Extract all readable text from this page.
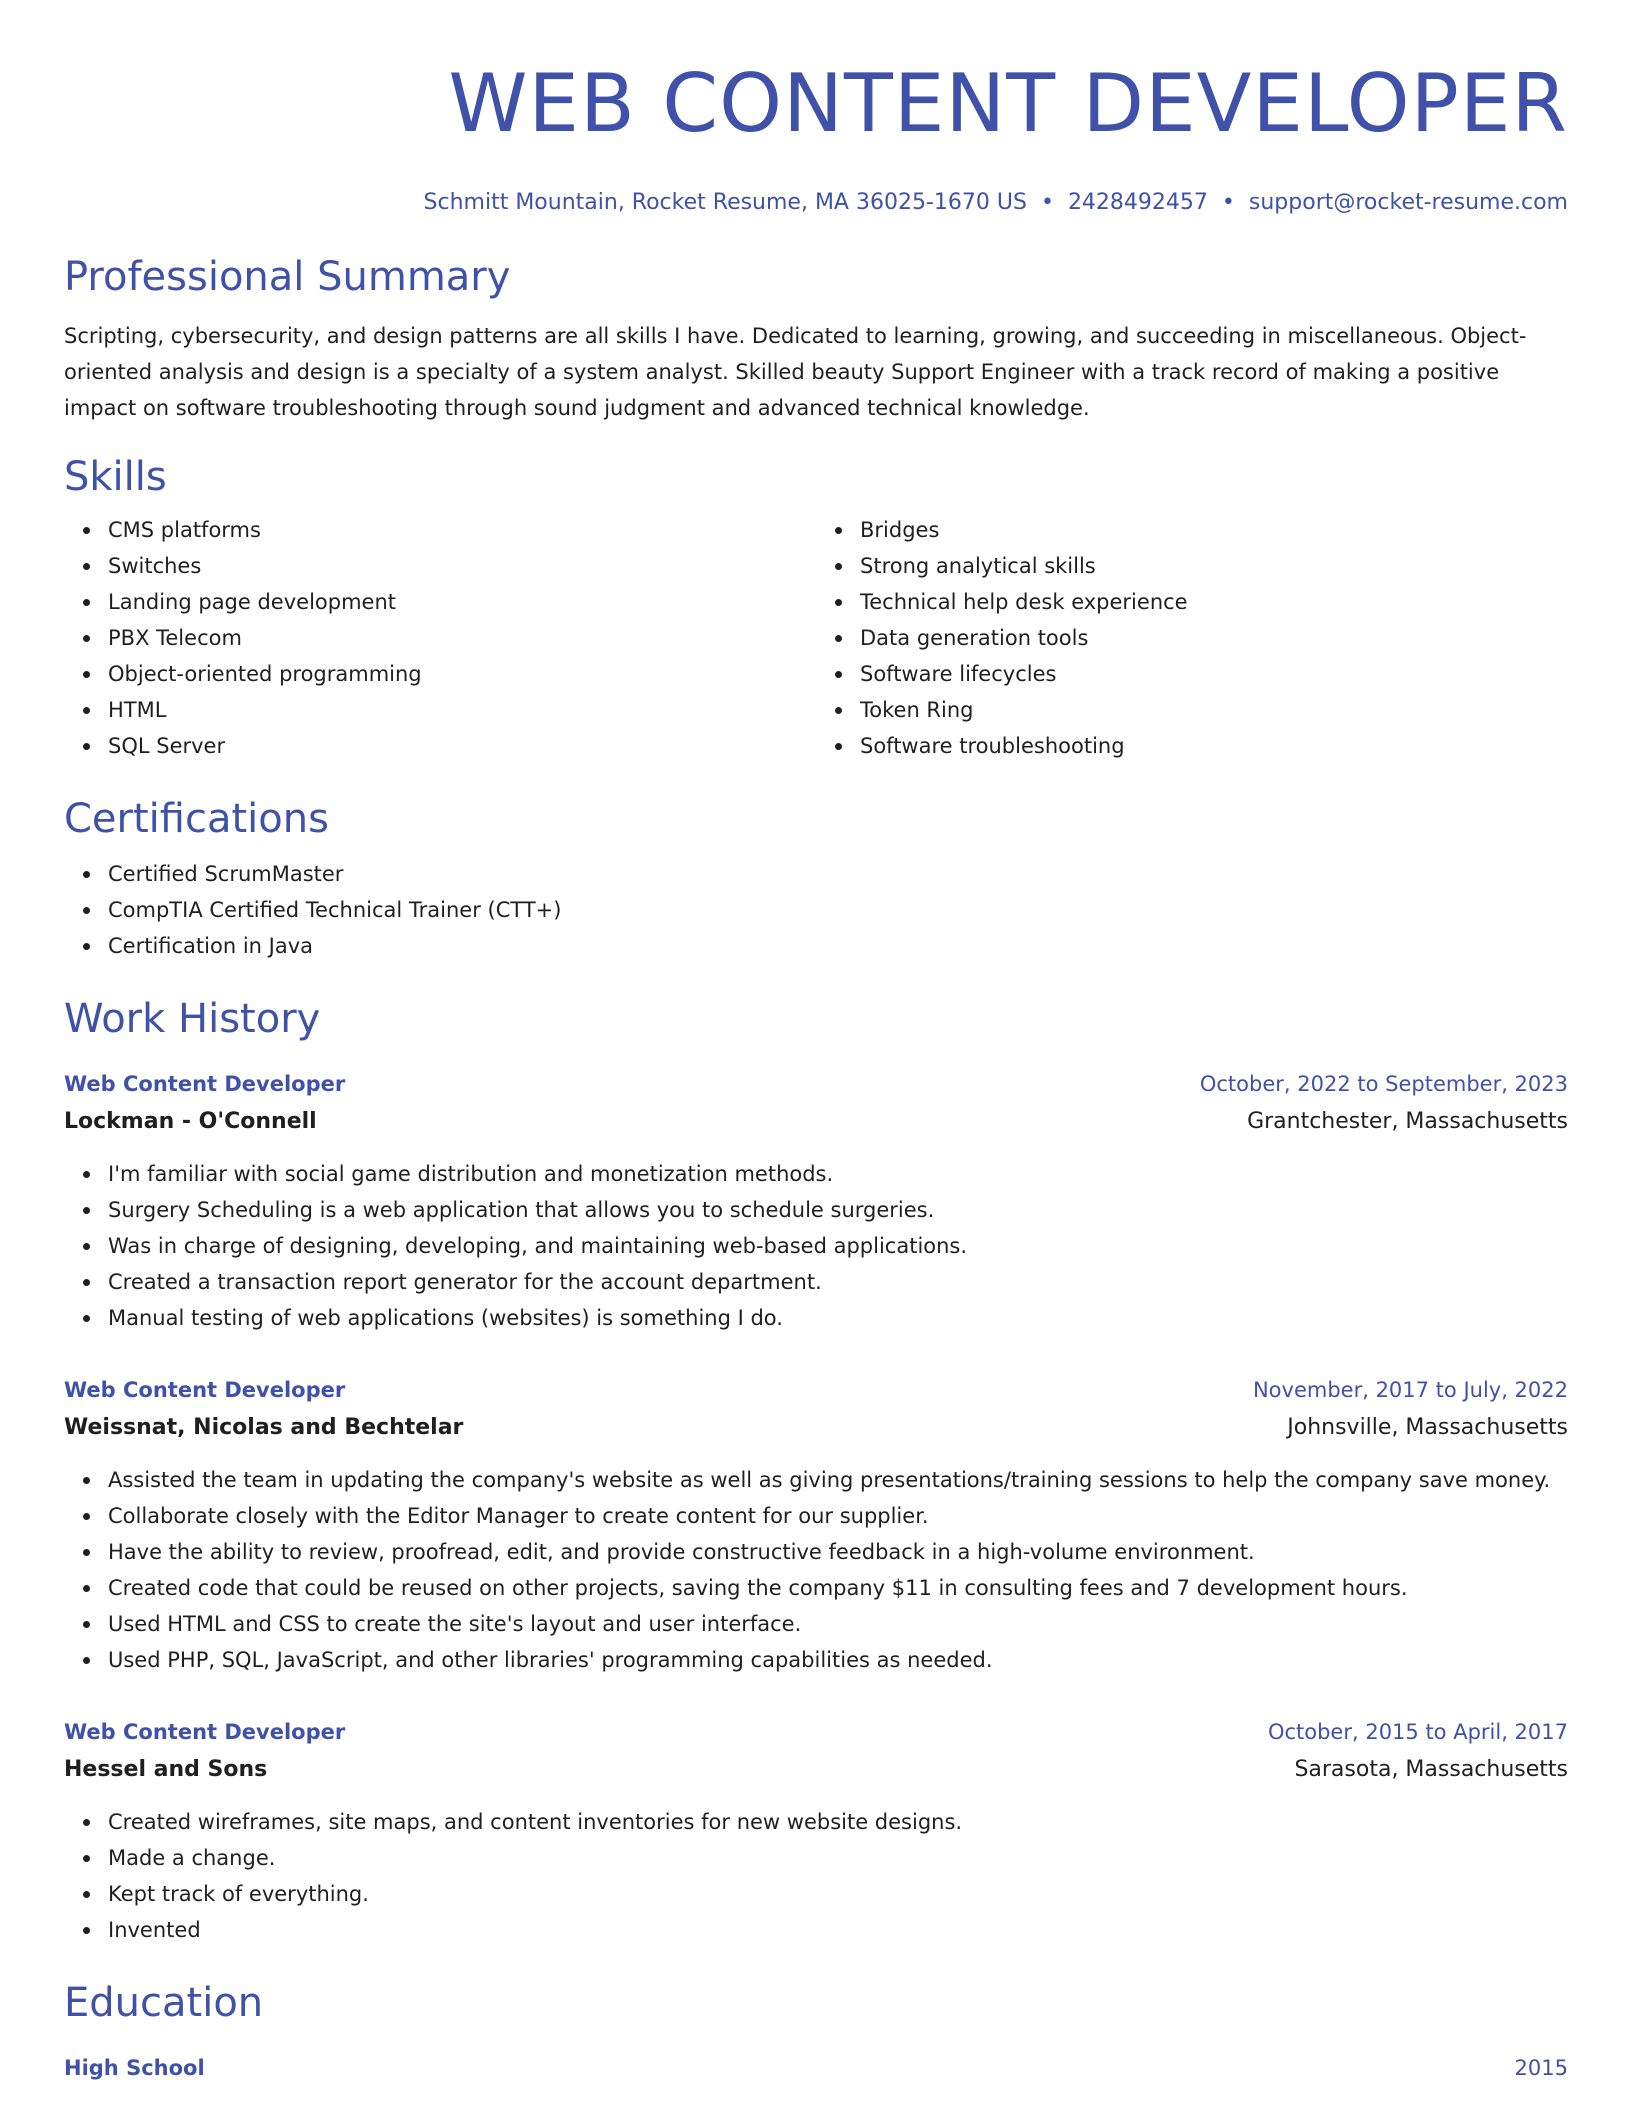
WEB CONTENT DEVELOPER
Schmitt Mountain, Rocket Resume, MA 36025-1670 US • 2428492457 • support@rocket-resume.com
Professional Summary

Scripting, cybersecurity, and design patterns are all skills I have. Dedicated to learning, growing, and succeeding in miscellaneous. Object-oriented analysis and design is a specialty of a system analyst. Skilled beauty Support Engineer with a track record of making a positive impact on software troubleshooting through sound judgment and advanced technical knowledge.

Skills
CMS platforms
Switches
Landing page development
PBX Telecom
Object-oriented programming
HTML
SQL Server
Bridges
Strong analytical skills
Technical help desk experience
Data generation tools
Software lifecycles
Token Ring
Software troubleshooting
Certifications
Certified ScrumMaster
CompTIA Certified Technical Trainer (CTT+)
Certification in Java
Work History
Web Content Developer	October, 2022 to September, 2023
Lockman - O'Connell	Grantchester, Massachusetts
I'm familiar with social game distribution and monetization methods.
Surgery Scheduling is a web application that allows you to schedule surgeries.
Was in charge of designing, developing, and maintaining web-based applications.
Created a transaction report generator for the account department.
Manual testing of web applications (websites) is something I do.
Web Content Developer	November, 2017 to July, 2022
Weissnat, Nicolas and Bechtelar	Johnsville, Massachusetts
Assisted the team in updating the company's website as well as giving presentations/training sessions to help the company save money.
Collaborate closely with the Editor Manager to create content for our supplier.
Have the ability to review, proofread, edit, and provide constructive feedback in a high-volume environment.
Created code that could be reused on other projects, saving the company $11 in consulting fees and 7 development hours.
Used HTML and CSS to create the site's layout and user interface.
Used PHP, SQL, JavaScript, and other libraries' programming capabilities as needed.
Web Content Developer	October, 2015 to April, 2017
Hessel and Sons	Sarasota, Massachusetts
Created wireframes, site maps, and content inventories for new website designs.
Made a change.
Kept track of everything.
Invented
Education
High School	2015
